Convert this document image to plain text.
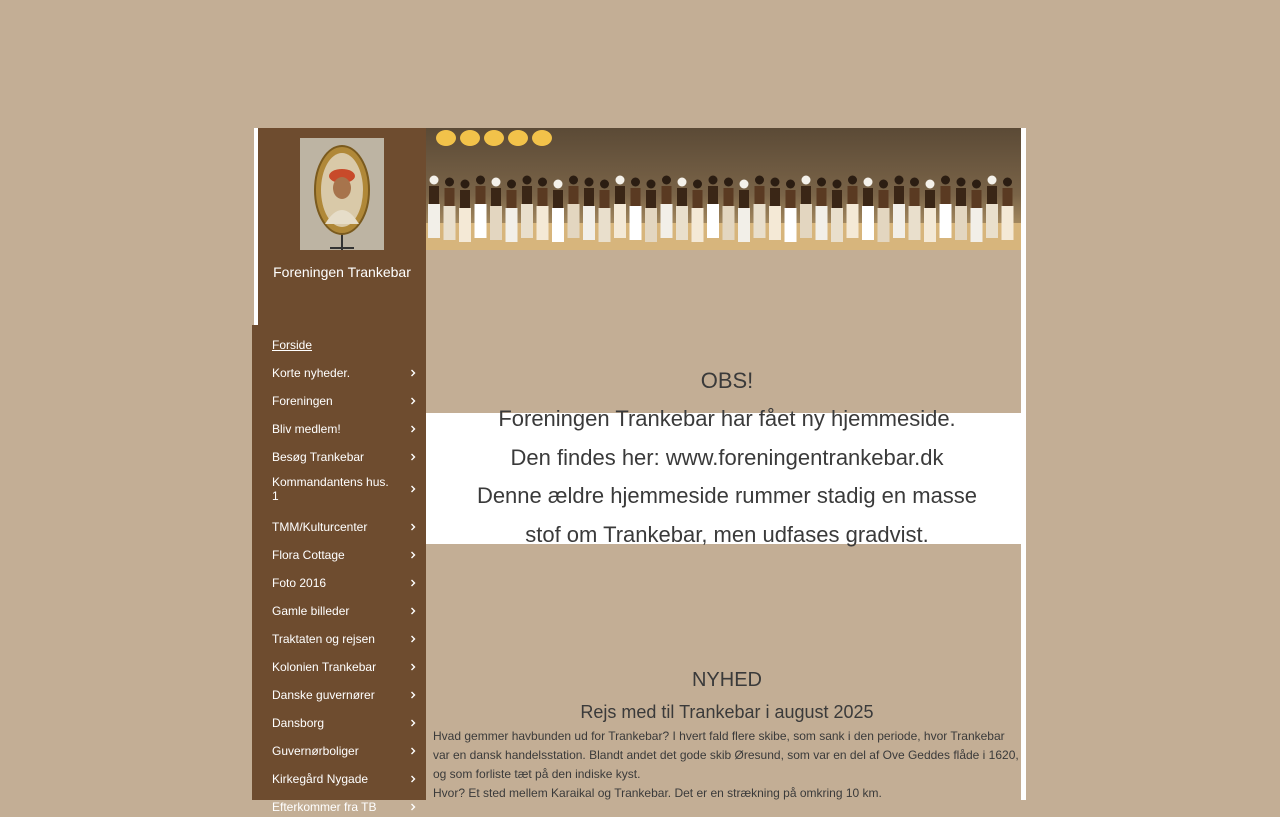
Foreningen Trankebar
Forside
Korte nyheder.
Foreningen
Bliv medlem!
Besøg Trankebar
Kommandantens hus. 1
TMM/Kulturcenter
Flora Cottage
Foto 2016
Gamle billeder
Traktaten og rejsen
Kolonien Trankebar
Danske guvernører
Dansborg
Guvernørboliger
Kirkegård Nygade
Efterkommer fra TB
OBS!
Foreningen Trankebar har fået ny hjemmeside.
Den findes her: www.foreningentrankebar.dk
Denne ældre hjemmeside rummer stadig en masse
stof om Trankebar, men udfases gradvist.
NYHED
Rejs med til Trankebar i august 2025

Hvad gemmer havbunden ud for Trankebar? I hvert fald flere skibe, som sank i den periode, hvor Trankebar var en dansk handelsstation. Blandt andet det gode skib Øresund, som var en del af Ove Geddes flåde i 1620, og som forliste tæt på den indiske kyst.

Hvor? Et sted mellem Karaikal og Trankebar. Det er en strækning på omkring 10 km.
